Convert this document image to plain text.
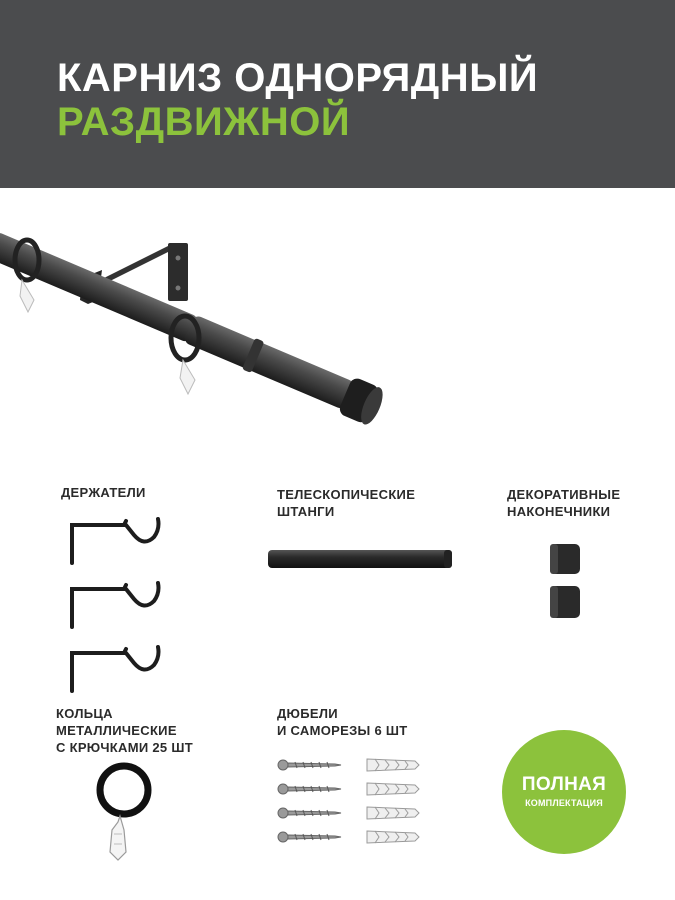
КАРНИЗ ОДНОРЯДНЫЙ
РАЗДВИЖНОЙ
ДЕРЖАТЕЛИ	ТЕЛЕСКОПИЧЕСКИЕ
ШТАНГИ
ДЕКОРАТИВНЫЕ
НАКОНЕЧНИКИ
КОЛЬЦА
МЕТАЛЛИЧЕСКИЕ
С КРЮЧКАМИ 25 ШТ
ДЮБЕЛИ
И САМОРЕЗЫ 6 ШТ
ПОЛНАЯ
КОМПЛЕКТАЦИЯ
